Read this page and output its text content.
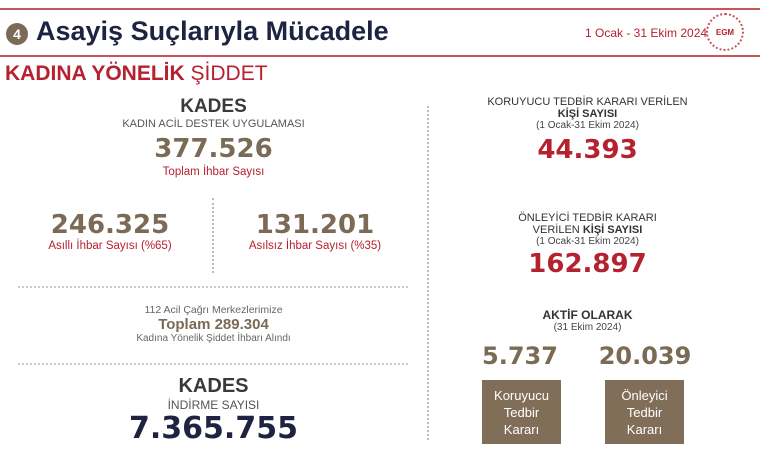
4 Asayiş Suçlarıyla Mücadele	1 Ocak - 31 Ekim 2024 EGM
KADINA YÖNELİK ŞİDDET
KADES
KADIN ACİL DESTEK UYGULAMASI
377.526
Toplam İhbar Sayısı
246.325
Asıllı İhbar Sayısı (%65)
131.201
Asılsız İhbar Sayısı (%35)
112 Acil Çağrı Merkezlerimize
Toplam 289.304
Kadına Yönelik Şiddet İhbarı Alındı
KADES
İNDİRME SAYISI
7.365.755
KORUYUCU TEDBİR KARARI VERİLEN
KİŞİ SAYISI
(1 Ocak-31 Ekim 2024)
44.393
ÖNLEYİCİ TEDBİR KARARI
VERİLEN KİŞİ SAYISI
(1 Ocak-31 Ekim 2024)
162.897
AKTİF OLARAK
(31 Ekim 2024)
5.737	20.039
Koruyucu Tedbir Kararı
Önleyici Tedbir Kararı
